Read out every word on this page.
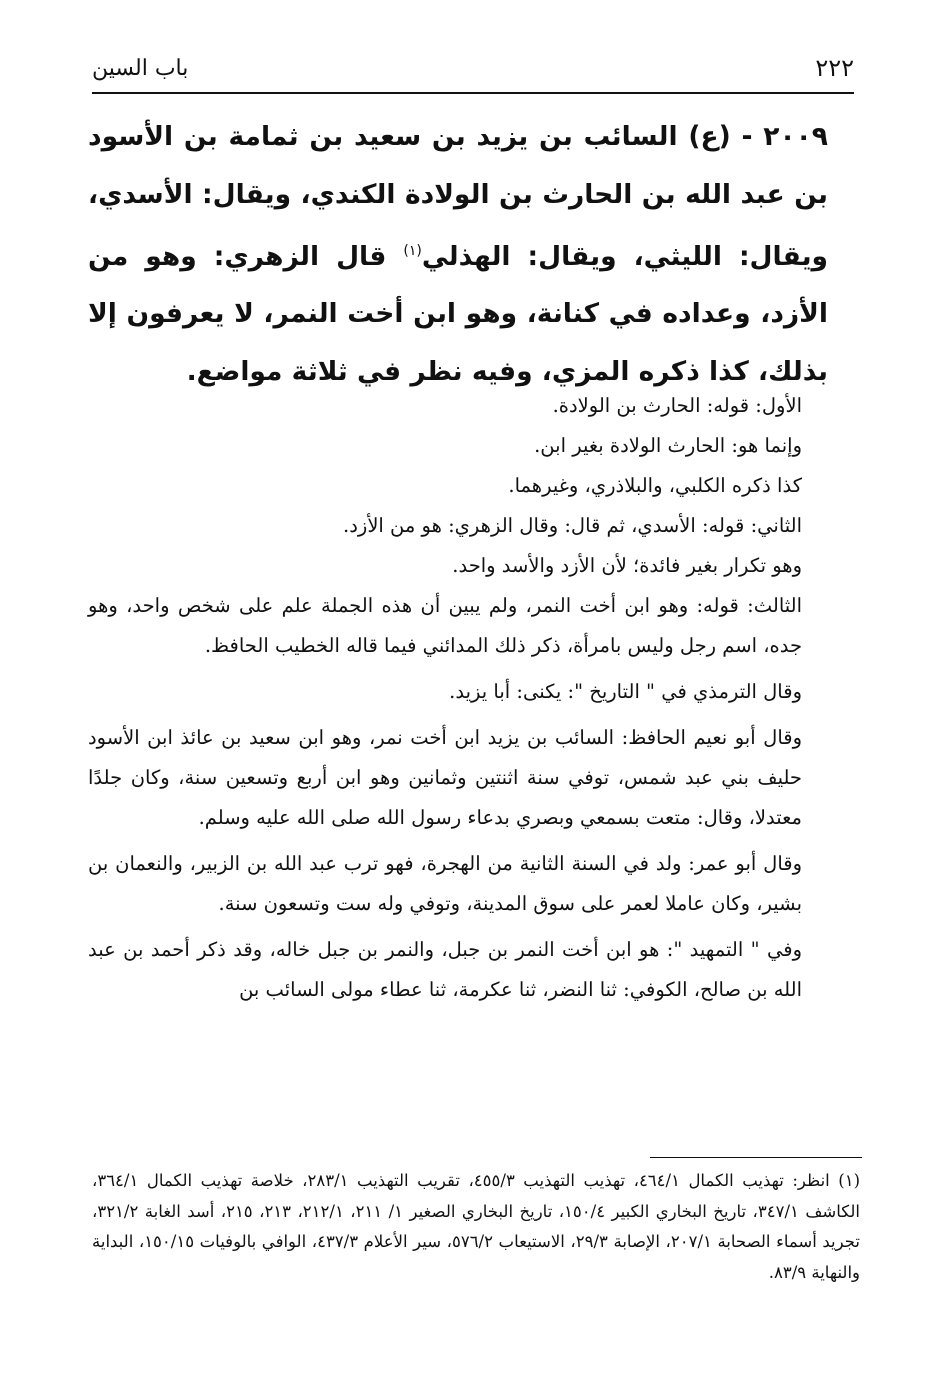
٢٢٢
باب السين
٢٠٠٩ - (ع) السائب بن يزيد بن سعيد بن ثمامة بن الأسود بن عبد الله بن الحارث بن الولادة الكندي، ويقال: الأسدي، ويقال: الليثي، ويقال: الهذلي$^{(١)}$ قال الزهري: وهو من الأزد، وعداده في كنانة، وهو ابن أخت النمر، لا يعرفون إلا بذلك، كذا ذكره المزي، وفيه نظر في ثلاثة مواضع.

الأول: قوله: الحارث بن الولادة.

وإنما هو: الحارث الولادة بغير ابن.

كذا ذكره الكلبي، والبلاذري، وغيرهما.

الثاني: قوله: الأسدي، ثم قال: وقال الزهري: هو من الأزد.

وهو تكرار بغير فائدة؛ لأن الأزد والأسد واحد.

الثالث: قوله: وهو ابن أخت النمر، ولم يبين أن هذه الجملة علم على شخص واحد، وهو جده، اسم رجل وليس بامرأة، ذكر ذلك المدائني فيما قاله الخطيب الحافظ.

وقال الترمذي في " التاريخ ": يكنى: أبا يزيد.

وقال أبو نعيم الحافظ: السائب بن يزيد ابن أخت نمر، وهو ابن سعيد بن عائذ ابن الأسود حليف بني عبد شمس، توفي سنة اثنتين وثمانين وهو ابن أربع وتسعين سنة، وكان جلدًا معتدلا، وقال: متعت بسمعي وبصري بدعاء رسول الله صلى الله عليه وسلم.

وقال أبو عمر: ولد في السنة الثانية من الهجرة، فهو ترب عبد الله بن الزبير، والنعمان بن بشير، وكان عاملا لعمر على سوق المدينة، وتوفي وله ست وتسعون سنة.

وفي " التمهيد ": هو ابن أخت النمر بن جبل، والنمر بن جبل خاله، وقد ذكر أحمد بن عبد الله بن صالح، الكوفي: ثنا النضر، ثنا عكرمة، ثنا عطاء مولى السائب بن

(١) انظر: تهذيب الكمال ٤٦٤/١، تهذيب التهذيب ٤٥٥/٣، تقريب التهذيب ٢٨٣/١، خلاصة تهذيب الكمال ٣٦٤/١، الكاشف ٣٤٧/١، تاريخ البخاري الكبير ١٥٠/٤، تاريخ البخاري الصغير ١/ ٢١١، ٢١٢/١، ٢١٣، ٢١٥، أسد الغابة ٣٢١/٢، تجريد أسماء الصحابة ٢٠٧/١، الإصابة ٢٩/٣، الاستيعاب ٥٧٦/٢، سير الأعلام ٤٣٧/٣، الوافي بالوفيات ١٥٠/١٥، البداية والنهاية ٨٣/٩.
